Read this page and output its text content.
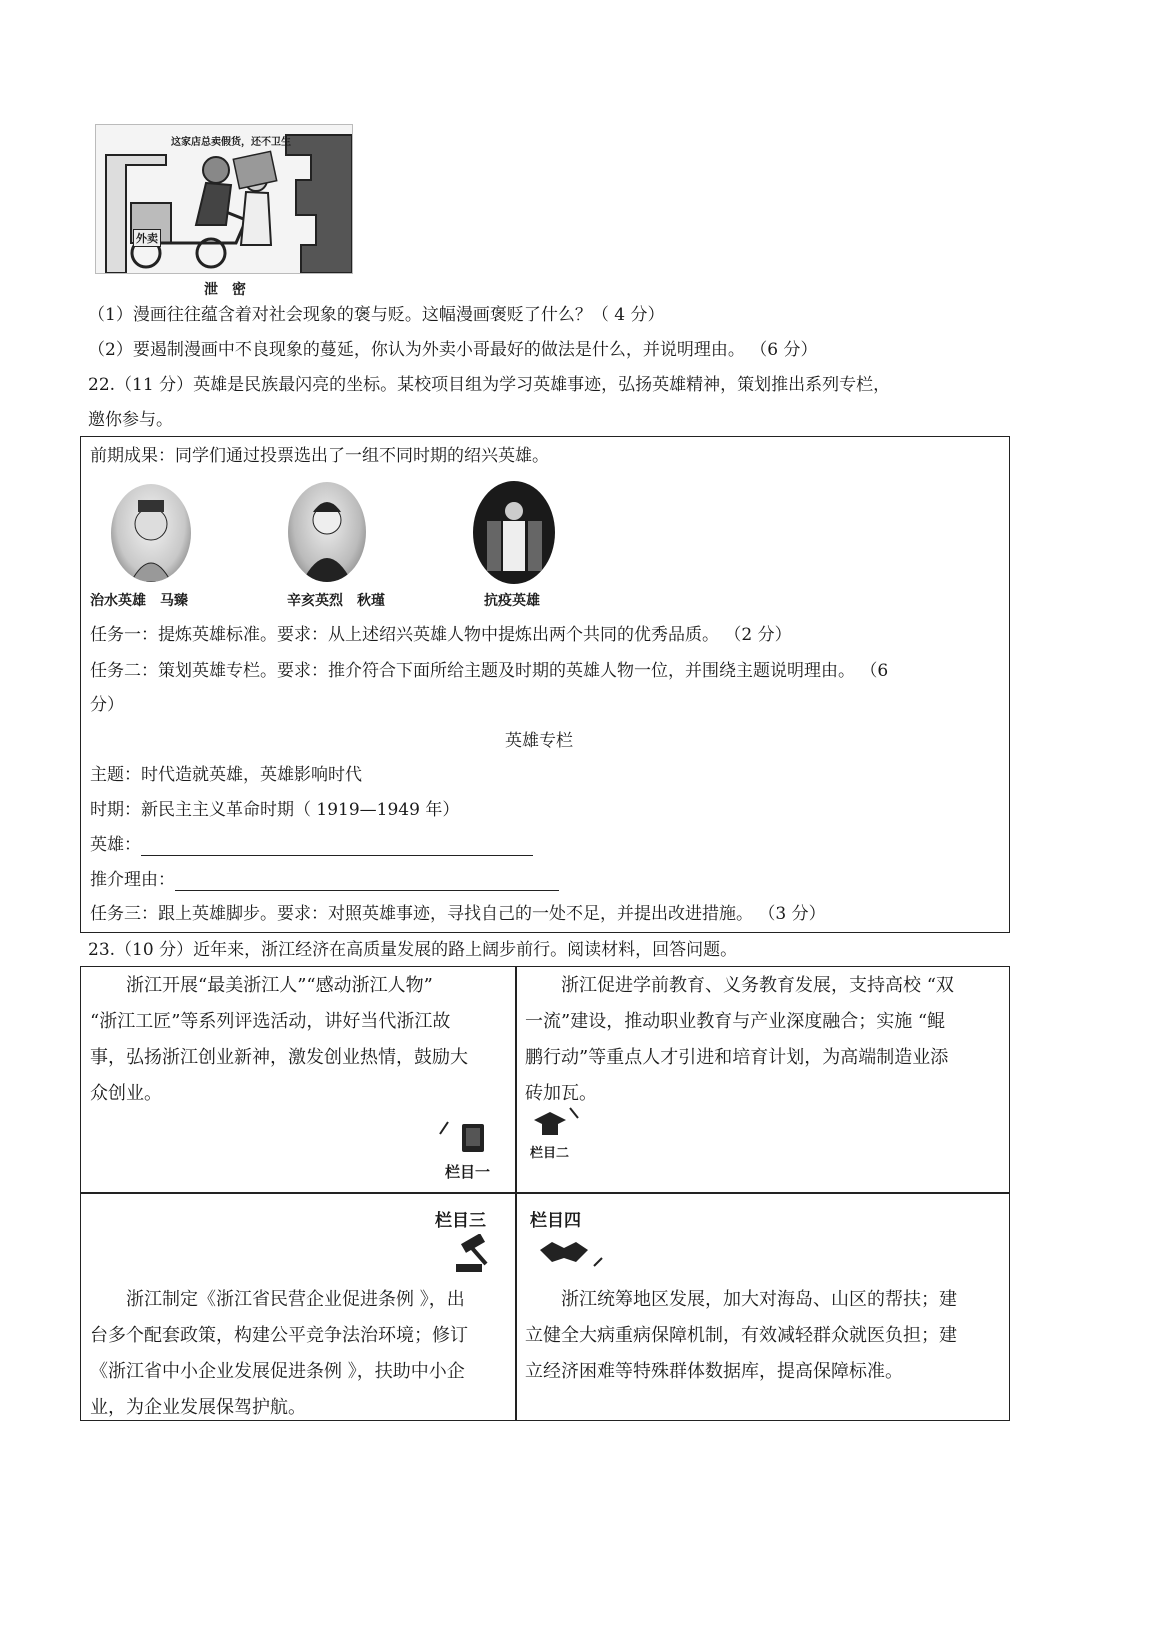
这家店总卖假货，还不卫生
外卖
泄　密
（1）漫画往往蕴含着对社会现象的褒与贬。这幅漫画褒贬了什么？（ 4 分）
（2）要遏制漫画中不良现象的蔓延，你认为外卖小哥最好的做法是什么，并说明理由。 （6 分）
22.（11 分）英雄是民族最闪亮的坐标。某校项目组为学习英雄事迹，弘扬英雄精神，策划推出系列专栏，
邀你参与。
前期成果：同学们通过投票选出了一组不同时期的绍兴英雄。
治水英雄　马臻	辛亥英烈　秋瑾	抗疫英雄
任务一：提炼英雄标准。要求：从上述绍兴英雄人物中提炼出两个共同的优秀品质。 （2 分）
任务二：策划英雄专栏。要求：推介符合下面所给主题及时期的英雄人物一位，并围绕主题说明理由。 （6
分）
英雄专栏
主题：时代造就英雄，英雄影响时代
时期：新民主主义革命时期（ 1919—1949 年）
英雄：
推介理由：
任务三：跟上英雄脚步。要求：对照英雄事迹，寻找自己的一处不足，并提出改进措施。 （3 分）
23.（10 分）近年来，浙江经济在高质量发展的路上阔步前行。阅读材料，回答问题。
　　浙江开展“最美浙江人”“感动浙江人物”
“浙江工匠”等系列评选活动，讲好当代浙江故
事，弘扬浙江创业新神，激发创业热情，鼓励大
众创业。
栏目一
　　浙江促进学前教育、义务教育发展，支持高校 “双
一流”建设，推动职业教育与产业深度融合；实施 “鲲
鹏行动”等重点人才引进和培育计划，为高端制造业添
砖加瓦。
栏目二
栏目三
　　浙江制定《浙江省民营企业促进条例 》，出
台多个配套政策，构建公平竞争法治环境；修订
《浙江省中小企业发展促进条例 》，扶助中小企
业，为企业发展保驾护航。
栏目四
　　浙江统筹地区发展，加大对海岛、山区的帮扶；建
立健全大病重病保障机制，有效减轻群众就医负担；建
立经济困难等特殊群体数据库，提高保障标准。
